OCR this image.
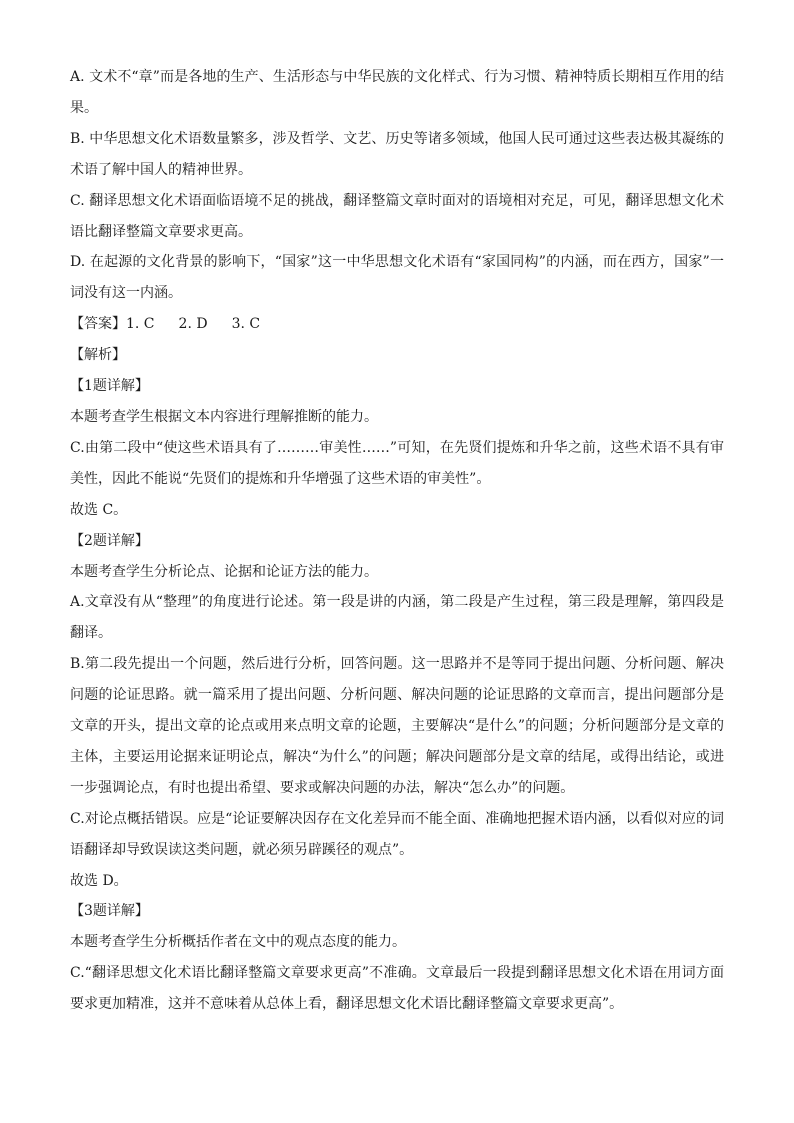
A. 文术不“章”而是各地的生产、生活形态与中华民族的文化样式、行为习惯、精神特质长期相互作用的结果。

B. 中华思想文化术语数量繁多，涉及哲学、文艺、历史等诸多领域，他国人民可通过这些表达极其凝练的术语了解中国人的精神世界。

C. 翻译思想文化术语面临语境不足的挑战，翻译整篇文章时面对的语境相对充足，可见，翻译思想文化术语比翻译整篇文章要求更高。

D. 在起源的文化背景的影响下，“国家”这一中华思想文化术语有“家国同构”的内涵，而在西方，国家”一词没有这一内涵。

【答案】1. C 2. D 3. C

【解析】

【1题详解】

本题考查学生根据文本内容进行理解推断的能力。

C.由第二段中“使这些术语具有了………审美性……”可知，在先贤们提炼和升华之前，这些术语不具有审美性，因此不能说“先贤们的提炼和升华增强了这些术语的审美性”。

故选 C。

【2题详解】

本题考查学生分析论点、论据和论证方法的能力。

A.文章没有从“整理”的角度进行论述。第一段是讲的内涵，第二段是产生过程，第三段是理解，第四段是 翻译。

B.第二段先提出一个问题，然后进行分析，回答问题。这一思路并不是等同于提出问题、分析问题、解决问题的论证思路。就一篇采用了提出问题、分析问题、解决问题的论证思路的文章而言，提出问题部分是文章的开头，提出文章的论点或用来点明文章的论题，主要解决“是什么”的问题；分析问题部分是文章的主体，主要运用论据来证明论点，解决“为什么”的问题；解决问题部分是文章的结尾，或得出结论，或进一步强调论点，有时也提出希望、要求或解决问题的办法，解决“怎么办”的问题。

C.对论点概括错误。应是“论证要解决因存在文化差异而不能全面、准确地把握术语内涵，以看似对应的词语翻译却导致误读这类问题，就必须另辟蹊径的观点”。

故选 D。

【3题详解】

本题考查学生分析概括作者在文中的观点态度的能力。

C.“翻译思想文化术语比翻译整篇文章要求更高”不准确。文章最后一段提到翻译思想文化术语在用词方面要求更加精准，这并不意味着从总体上看，翻译思想文化术语比翻译整篇文章要求更高”。
